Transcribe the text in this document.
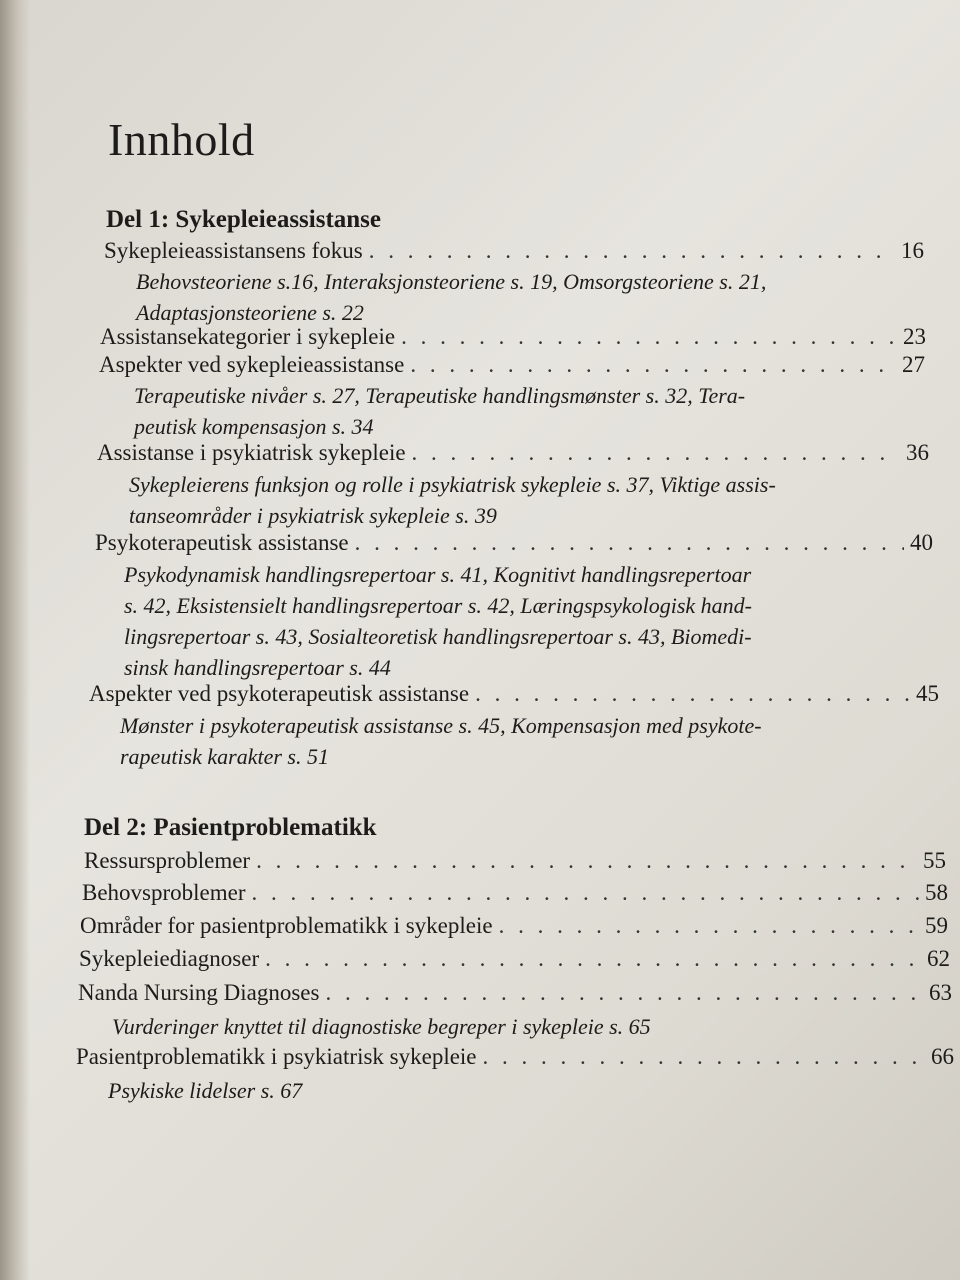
Innhold
Del 1: Sykepleieassistanse
Sykepleieassistansens fokus . . .	16
Behovsteoriene s.16, Interaksjonsteoriene s. 19, Omsorgsteoriene s. 21,
Adaptasjonsteoriene s. 22
Assistansekategorier i sykepleie . . .	23
Aspekter ved sykepleieassistanse . . .	27
Terapeutiske nivåer s. 27, Terapeutiske handlingsmønster s. 32, Tera-
peutisk kompensasjon s. 34
Assistanse i psykiatrisk sykepleie . . .	36
Sykepleierens funksjon og rolle i psykiatrisk sykepleie s. 37, Viktige assis-
tanseområder i psykiatrisk sykepleie s. 39
Psykoterapeutisk assistanse . . .	40
Psykodynamisk handlingsrepertoar s. 41, Kognitivt handlingsrepertoar
s. 42, Eksistensielt handlingsrepertoar s. 42, Læringspsykologisk hand-
lingsrepertoar s. 43, Sosialteoretisk handlingsrepertoar s. 43, Biomedi-
sinsk handlingsrepertoar s. 44
Aspekter ved psykoterapeutisk assistanse . . .	45
Mønster i psykoterapeutisk assistanse s. 45, Kompensasjon med psykote-
rapeutisk karakter s. 51
Del 2: Pasientproblematikk
Ressursproblemer . . .	55
Behovsproblemer . . .	58
Områder for pasientproblematikk i sykepleie . . .	59
Sykepleiediagnoser . . .	62
Nanda Nursing Diagnoses . . .	63
Vurderinger knyttet til diagnostiske begreper i sykepleie s. 65
Pasientproblematikk i psykiatrisk sykepleie . . .	66
Psykiske lidelser s. 67
